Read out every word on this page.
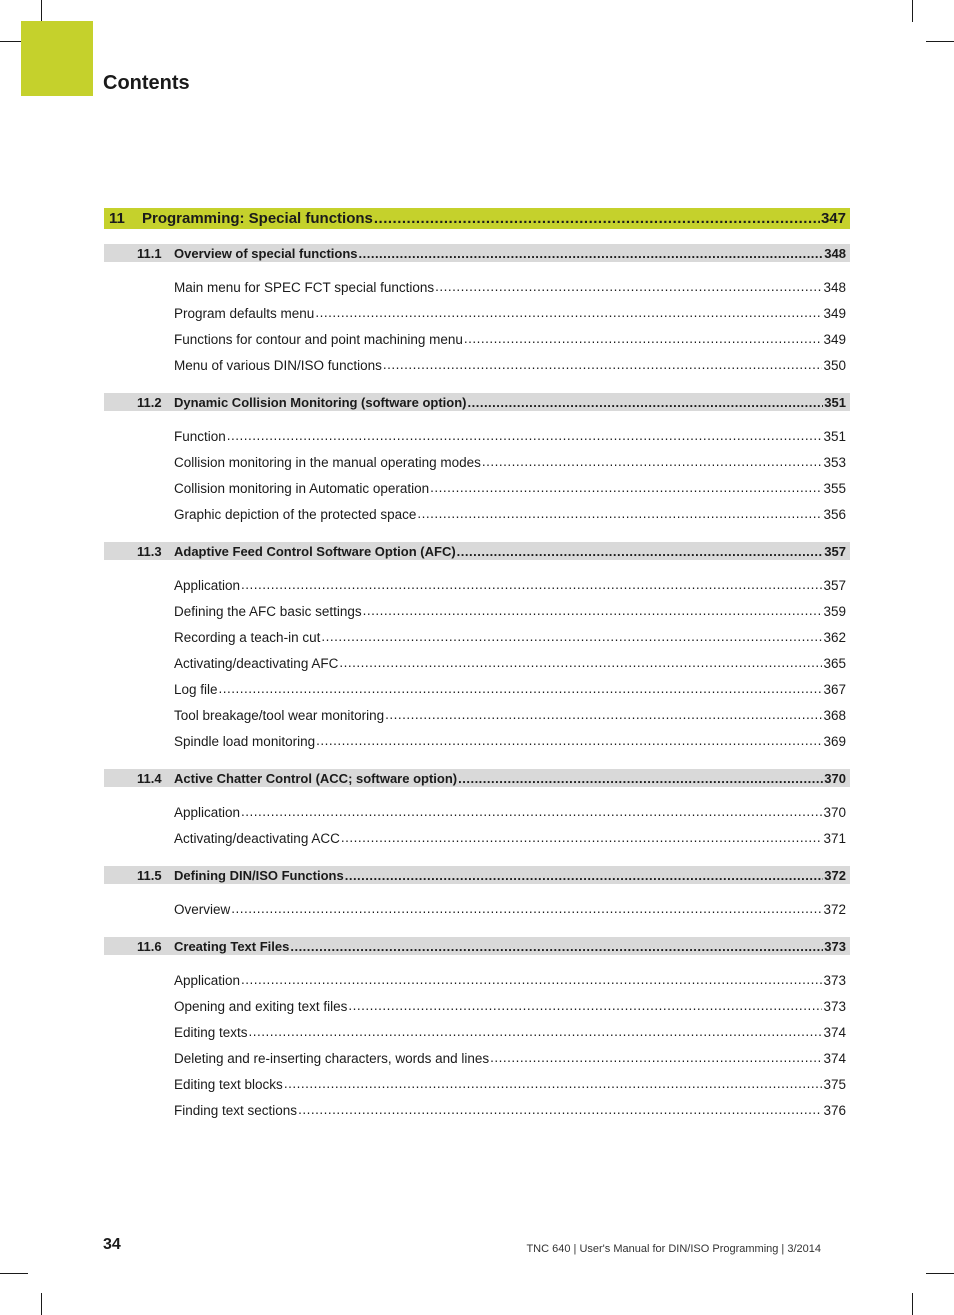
Contents
11	Programming: Special functions .....	347
11.1 Overview of special functions .....	348
Main menu for SPEC FCT special functions .....	348
Program defaults menu .....	349
Functions for contour and point machining menu .....	349
Menu of various DIN/ISO functions .....	350
11.2 Dynamic Collision Monitoring (software option) .....	351
Function .....	351
Collision monitoring in the manual operating modes .....	353
Collision monitoring in Automatic operation .....	355
Graphic depiction of the protected space .....	356
11.3 Adaptive Feed Control Software Option (AFC) .....	357
Application .....	357
Defining the AFC basic settings .....	359
Recording a teach-in cut .....	362
Activating/deactivating AFC .....	365
Log file .....	367
Tool breakage/tool wear monitoring .....	368
Spindle load monitoring .....	369
11.4 Active Chatter Control (ACC; software option) .....	370
Application .....	370
Activating/deactivating ACC .....	371
11.5 Defining DIN/ISO Functions .....	372
Overview .....	372
11.6 Creating Text Files .....	373
Application .....	373
Opening and exiting text files .....	373
Editing texts .....	374
Deleting and re-inserting characters, words and lines .....	374
Editing text blocks .....	375
Finding text sections .....	376
34	TNC 640 | User's Manual for DIN/ISO Programming | 3/2014
